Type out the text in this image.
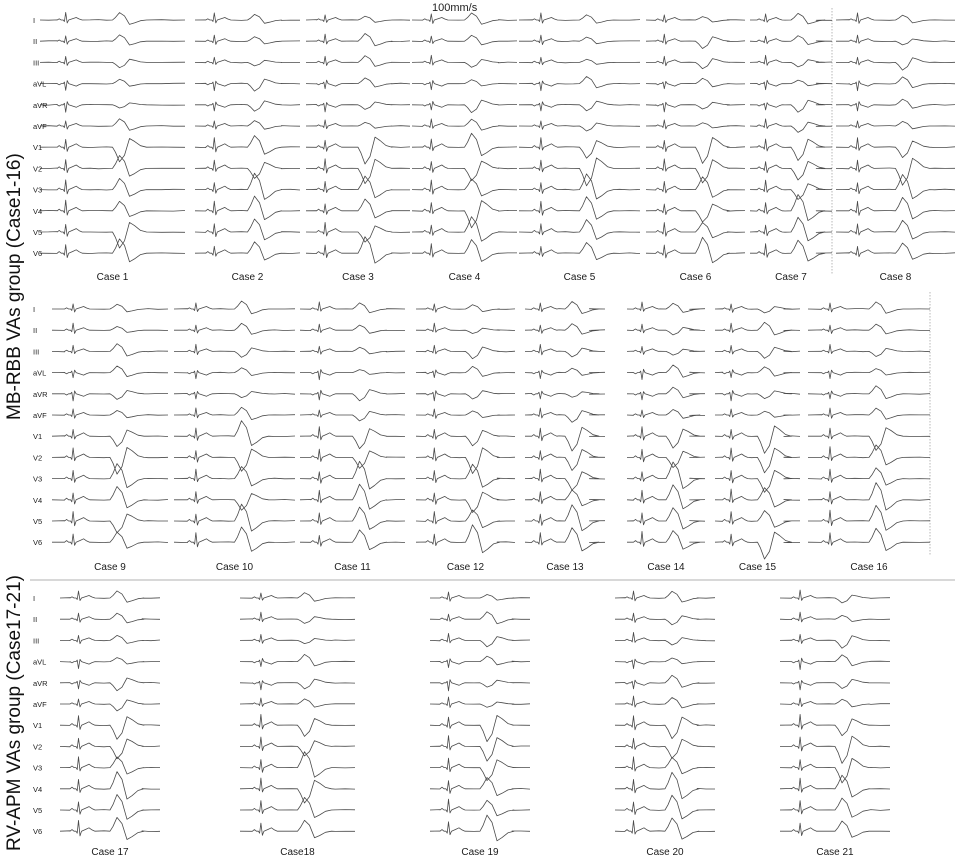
I
II
III
aVL
aVR
aVF
V1
V2
V3
V4
V5
V6
I
II
III
aVL
aVR
aVF
V1
V2
V3
V4
V5
V6
I
II
III
aVL
aVR
aVF
V1
V2
V3
V4
V5
V6
Case 1	Case 2	Case 3	Case 4	Case 5	Case 6	Case 7	Case 8
Case 9	Case 10	Case 11	Case 12	Case 13	Case 14	Case 15	Case 16
Case 17	Case18	Case 19	Case 20	Case 21
100mm/s
MB-RBB VAs group (Case1-16)
RV-APM VAs group (Case17-21)
